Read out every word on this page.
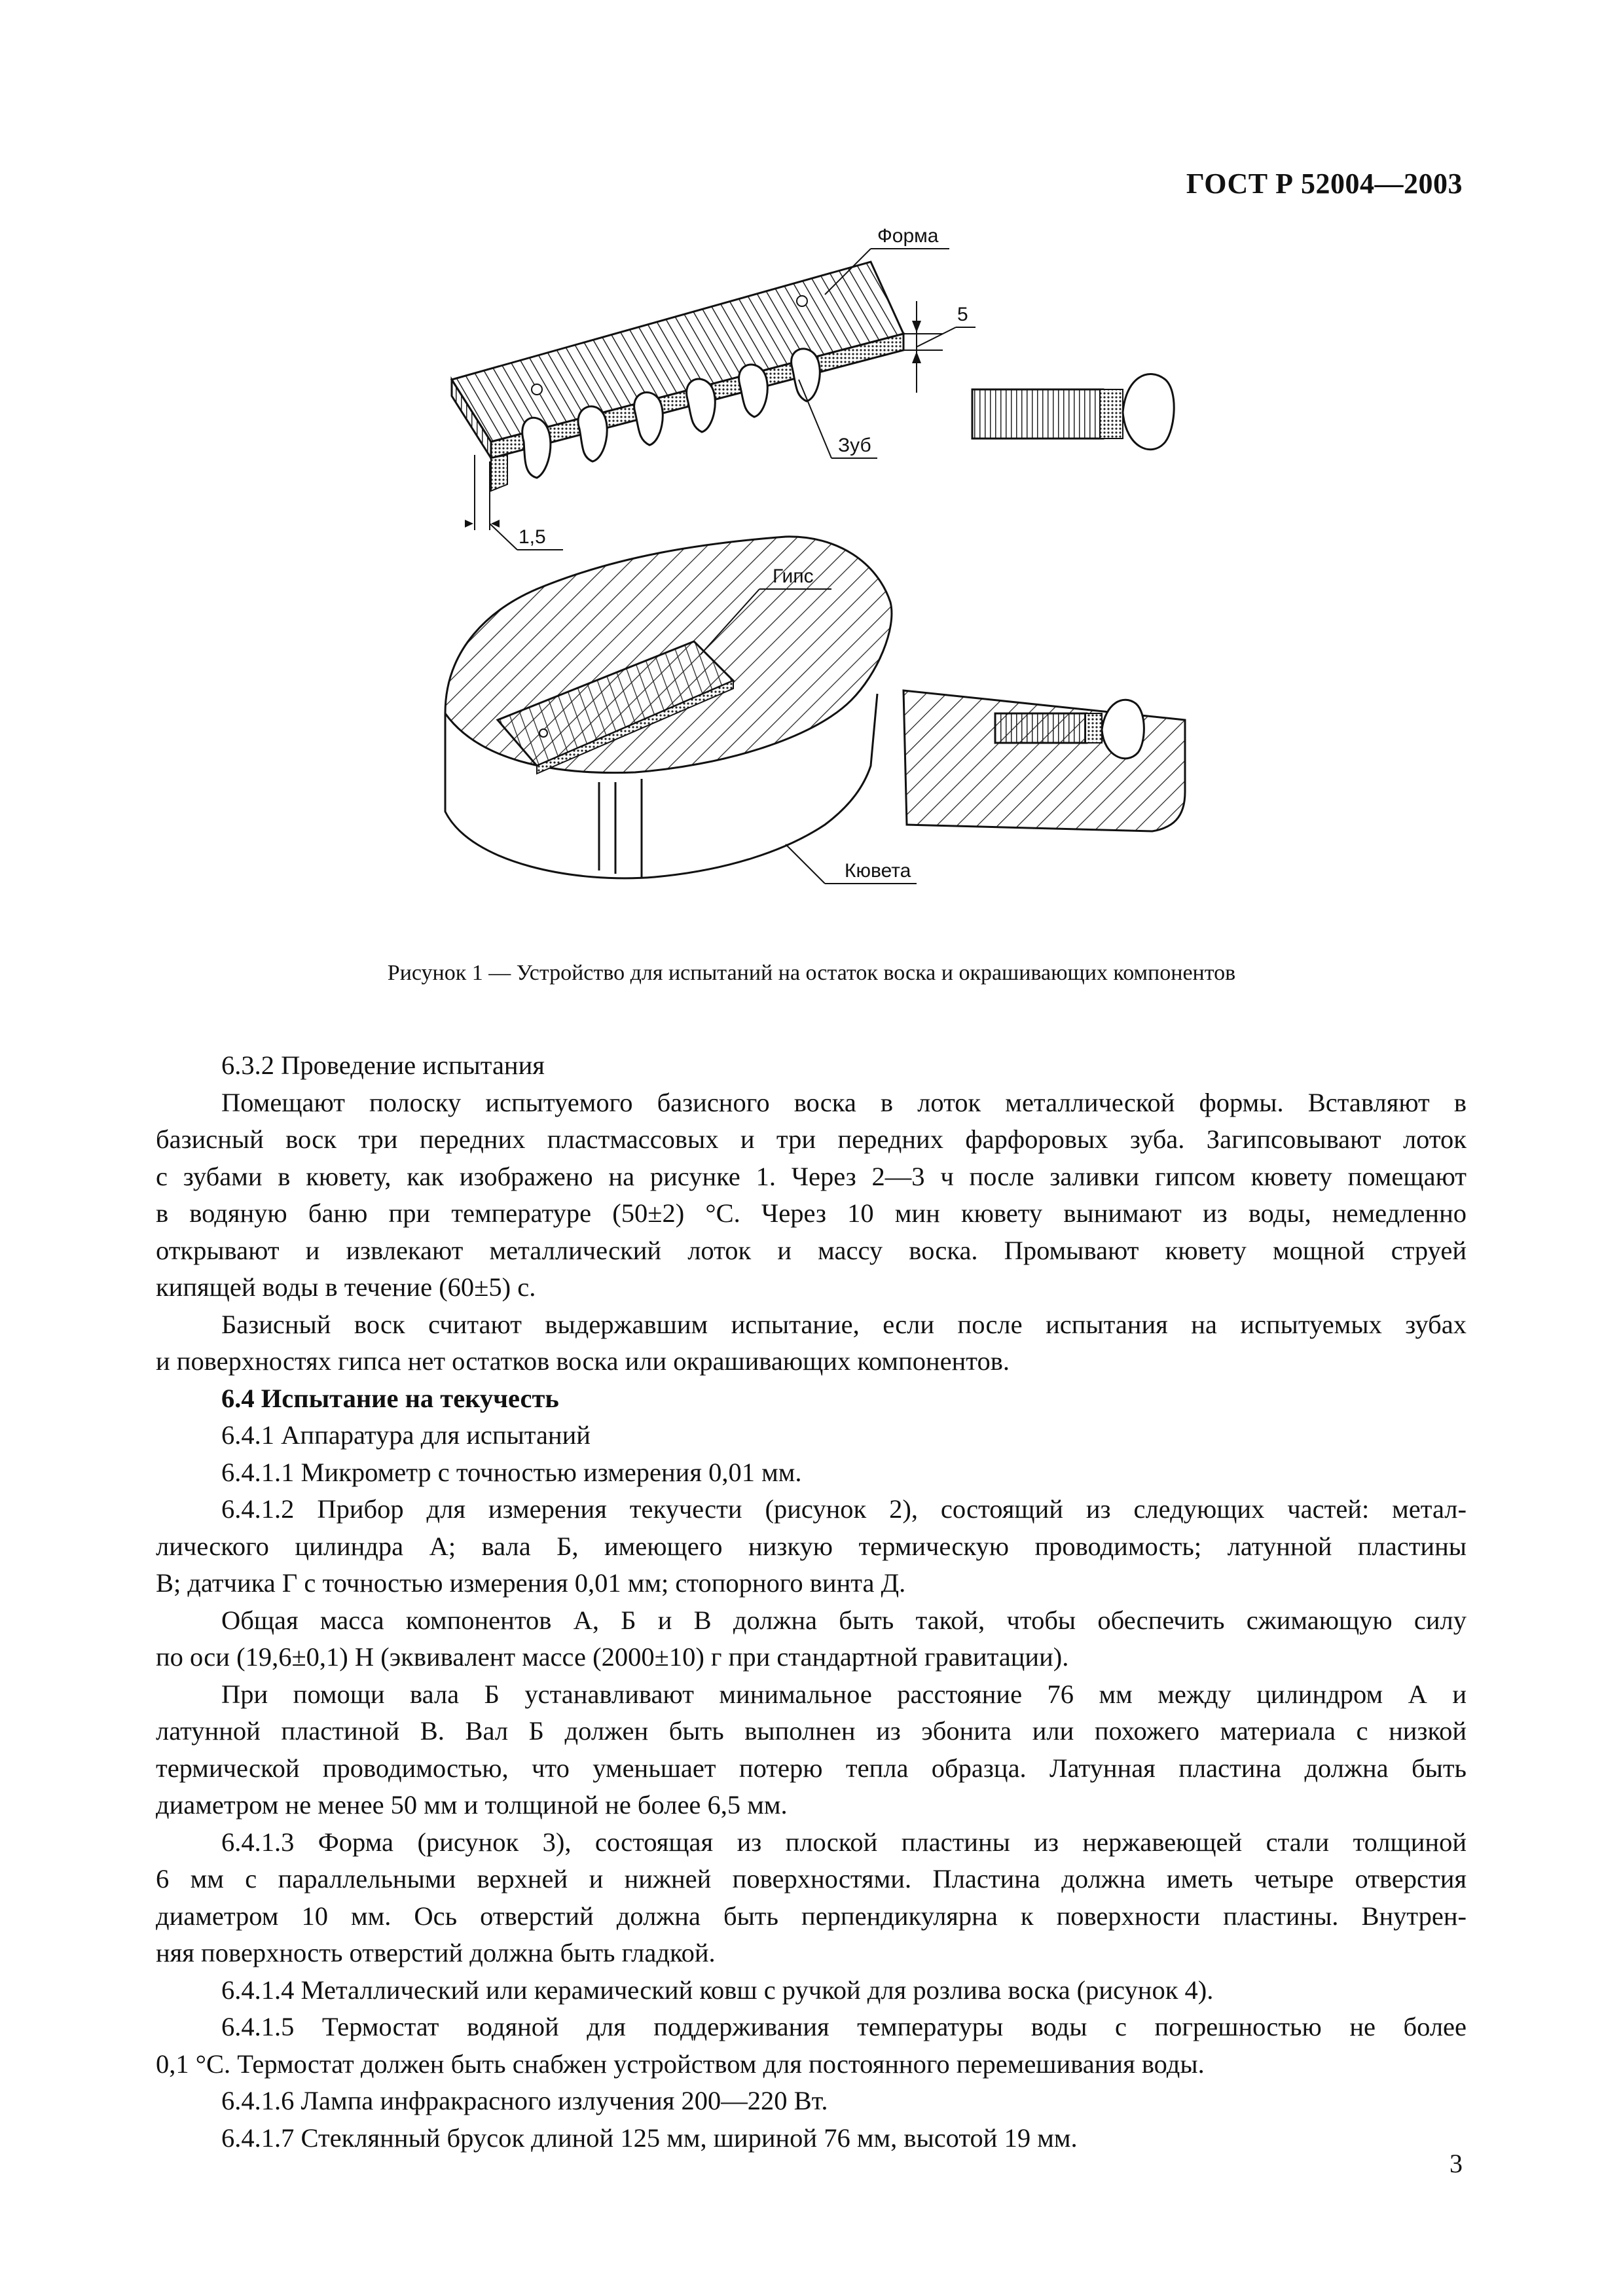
ГОСТ Р 52004—2003
Форма
5
Зуб
1,5
Гипс
Кювета
Рисунок 1 — Устройство для испытаний на остаток воска и окрашивающих компонентов

6.3.2 Проведение испытания

Помещают полоску испытуемого базисного воска в лоток металлической формы. Вставляют в
базисный воск три передних пластмассовых и три передних фарфоровых зуба. Загипсовывают лоток
с зубами в кювету, как изображено на рисунке 1. Через 2—3 ч после заливки гипсом кювету помещают
в водяную баню при температуре (50±2) °С. Через 10 мин кювету вынимают из воды, немедленно
открывают и извлекают металлический лоток и массу воска. Промывают кювету мощной струей
кипящей воды в течение (60±5) с.

Базисный воск считают выдержавшим испытание, если после испытания на испытуемых зубах
и поверхностях гипса нет остатков воска или окрашивающих компонентов.

6.4 Испытание на текучесть

6.4.1 Аппаратура для испытаний

6.4.1.1 Микрометр с точностью измерения 0,01 мм.

6.4.1.2 Прибор для измерения текучести (рисунок 2), состоящий из следующих частей: метал-
лического цилиндра А; вала Б, имеющего низкую термическую проводимость; латунной пластины
В; датчика Г с точностью измерения 0,01 мм; стопорного винта Д.

Общая масса компонентов А, Б и В должна быть такой, чтобы обеспечить сжимающую силу
по оси (19,6±0,1) Н (эквивалент массе (2000±10) г при стандартной гравитации).

При помощи вала Б устанавливают минимальное расстояние 76 мм между цилиндром А и
латунной пластиной В. Вал Б должен быть выполнен из эбонита или похожего материала с низкой
термической проводимостью, что уменьшает потерю тепла образца. Латунная пластина должна быть
диаметром не менее 50 мм и толщиной не более 6,5 мм.

6.4.1.3 Форма (рисунок 3), состоящая из плоской пластины из нержавеющей стали толщиной
6 мм с параллельными верхней и нижней поверхностями. Пластина должна иметь четыре отверстия
диаметром 10 мм. Ось отверстий должна быть перпендикулярна к поверхности пластины. Внутрен-
няя поверхность отверстий должна быть гладкой.

6.4.1.4 Металлический или керамический ковш с ручкой для розлива воска (рисунок 4).

6.4.1.5 Термостат водяной для поддерживания температуры воды с погрешностью не более
0,1 °С. Термостат должен быть снабжен устройством для постоянного перемешивания воды.

6.4.1.6 Лампа инфракрасного излучения 200—220 Вт.

6.4.1.7 Стеклянный брусок длиной 125 мм, шириной 76 мм, высотой 19 мм.

3
